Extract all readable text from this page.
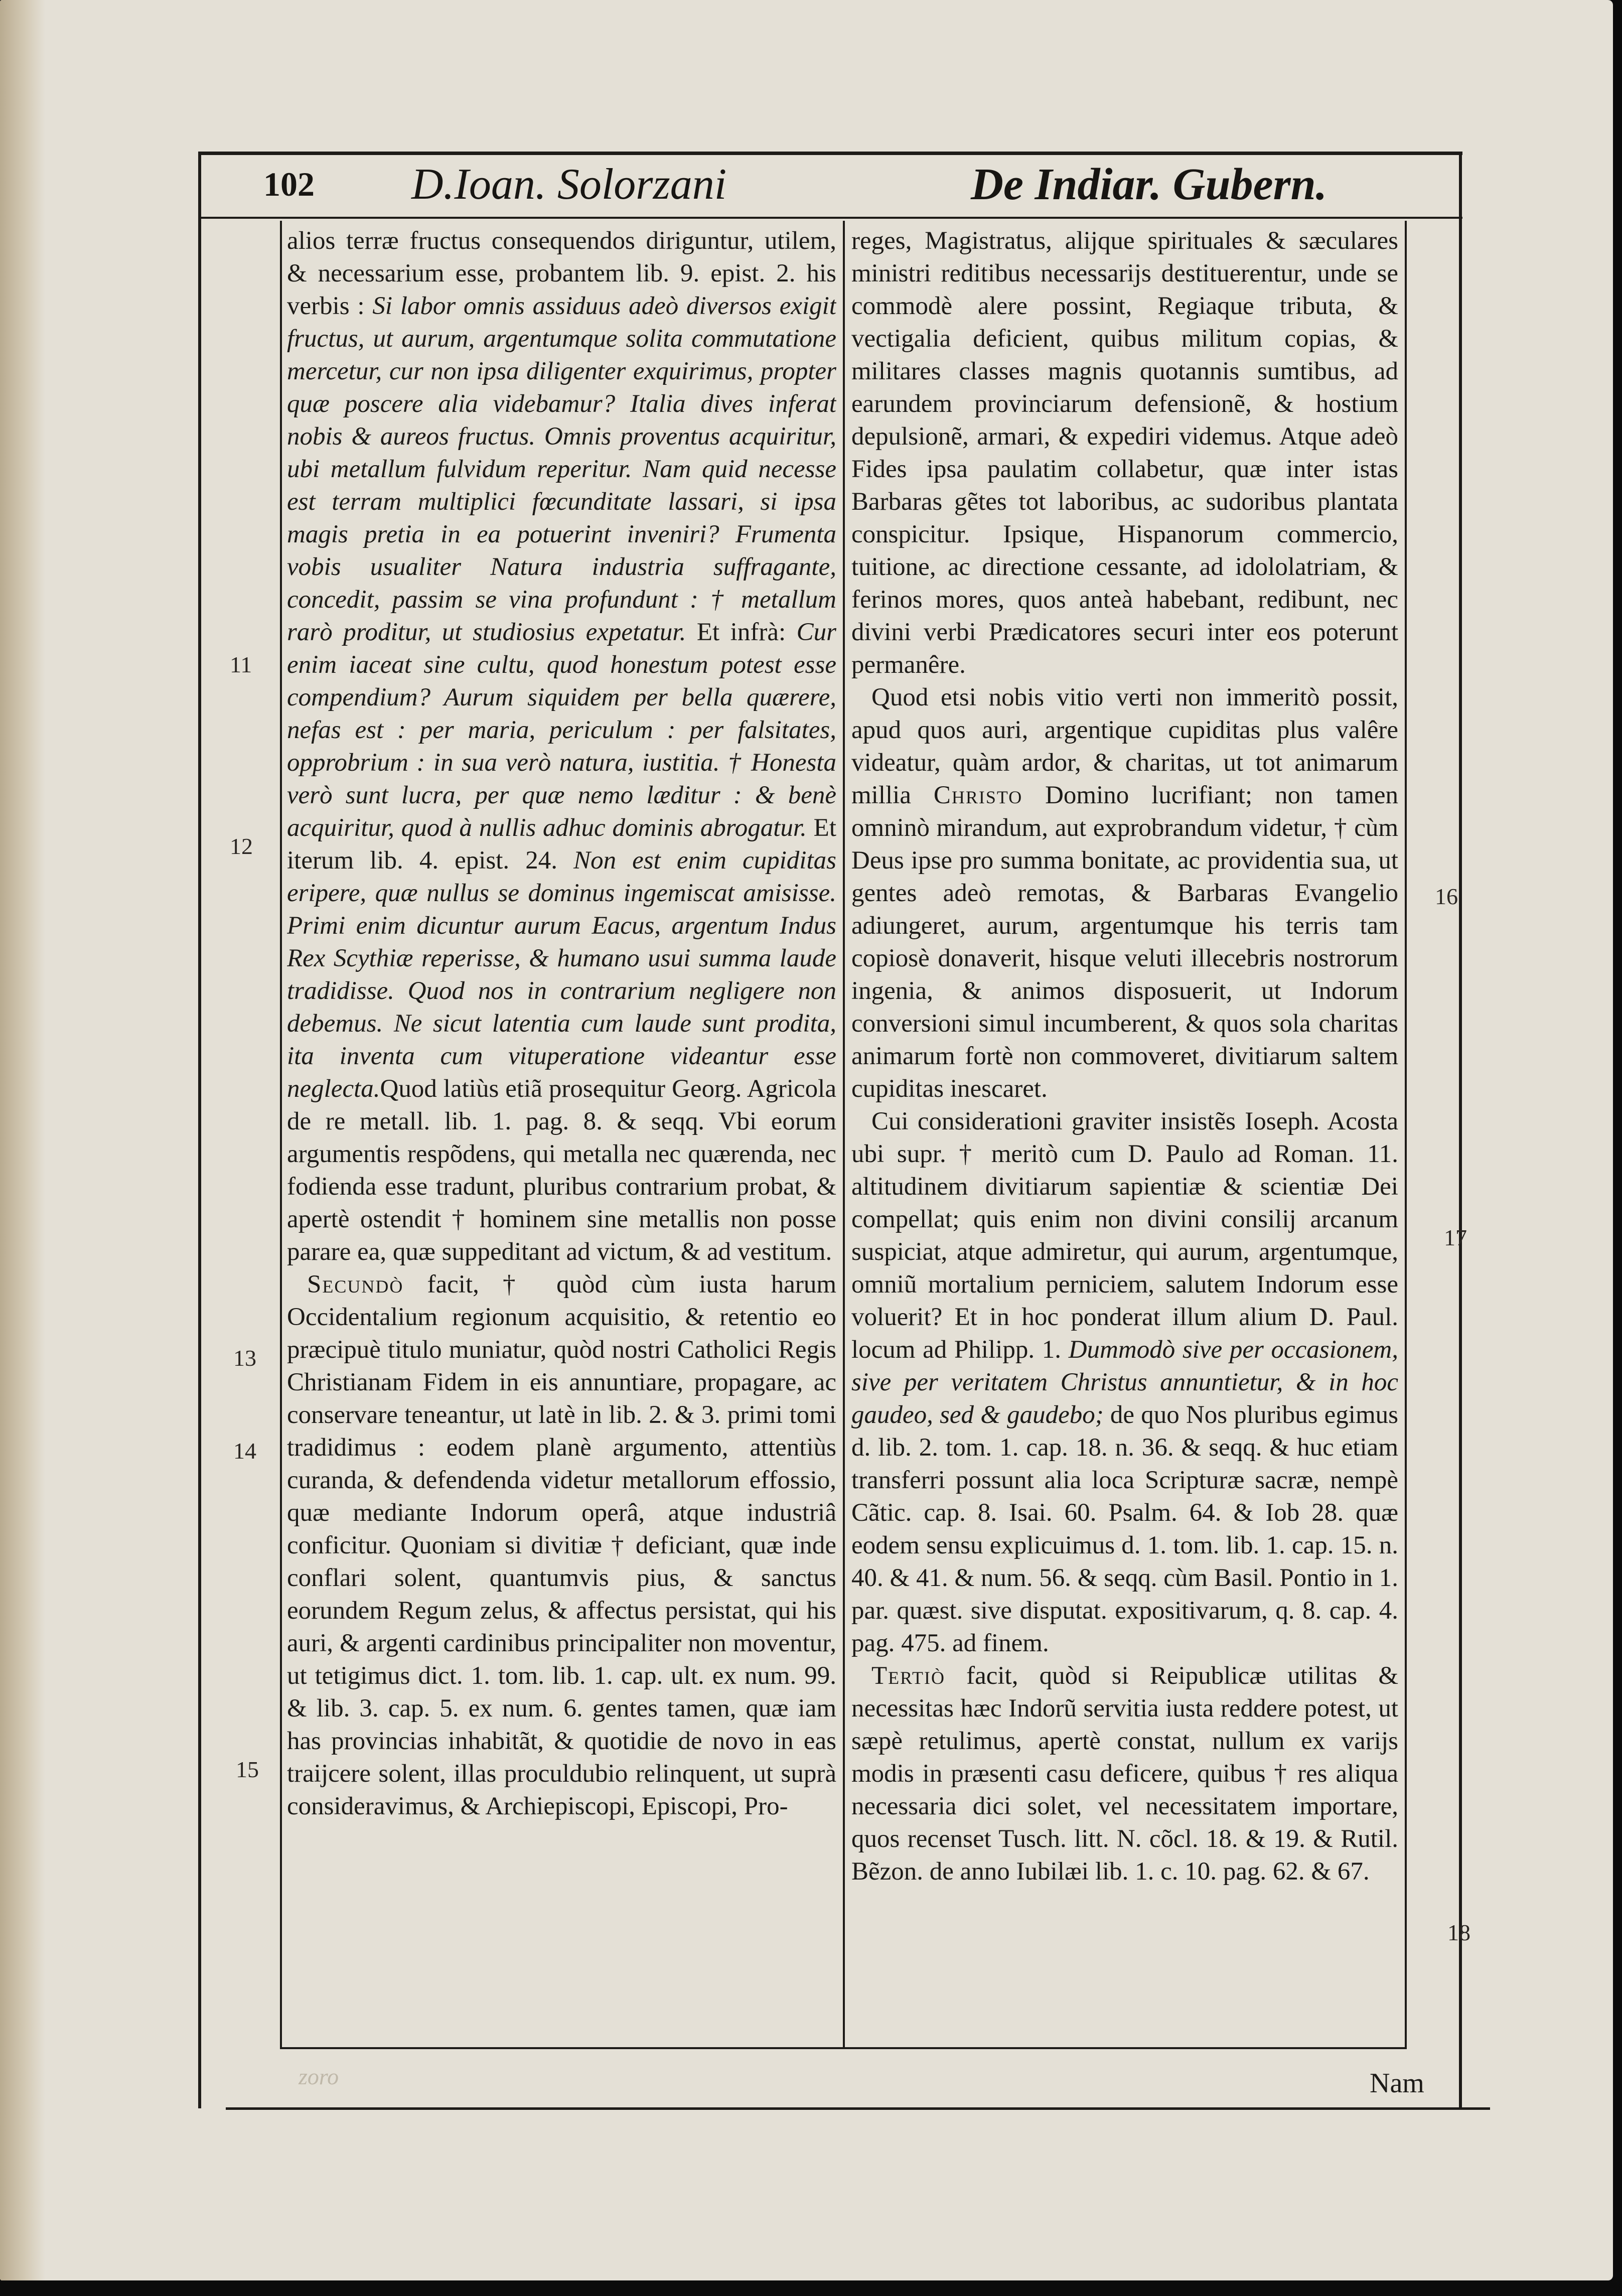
102 D.Ioan. Solorzani	De Indiar. Gubern.

alios terræ fructus consequendos diriguntur, utilem, & necessarium esse, probantem lib. 9. epist. 2. his verbis : Si labor omnis assiduus adeò diversos exigit fructus, ut aurum, argentumque solita commutatione mercetur, cur non ipsa diligenter exquirimus, propter quæ poscere alia videbamur? Italia dives inferat nobis & aureos fructus. Omnis proventus acquiritur, ubi metallum fulvidum reperitur. Nam quid necesse est terram multiplici fœcunditate lassari, si ipsa magis pretia in ea potuerint inveniri? Frumenta vobis usualiter Natura industria suffragante, concedit, passim se vina profundunt : † metallum rarò proditur, ut studiosius expetatur. Et infrà: Cur enim iaceat sine cultu, quod honestum potest esse compendium? Aurum siquidem per bella quærere, nefas est : per maria, periculum : per falsitates, opprobrium : in sua verò natura, iustitia. † Honesta verò sunt lucra, per quæ nemo læditur : & benè acquiritur, quod à nullis adhuc dominis abrogatur. Et iterum lib. 4. epist. 24. Non est enim cupiditas eripere, quæ nullus se dominus ingemiscat amisisse. Primi enim dicuntur aurum Eacus, argentum Indus Rex Scythiæ reperisse, & humano usui summa laude tradidisse. Quod nos in contrarium negligere non debemus. Ne sicut latentia cum laude sunt prodita, ita inventa cum vituperatione videantur esse neglecta.Quod latiùs etiã prosequitur Georg. Agricola de re metall. lib. 1. pag. 8. & seqq. Vbi eorum argumentis respõdens, qui metalla nec quærenda, nec fodienda esse tradunt, pluribus contrarium probat, & apertè ostendit † hominem sine metallis non posse parare ea, quæ suppeditant ad victum, & ad vestitum.

Secundò facit, † quòd cùm iusta harum Occidentalium regionum acquisitio, & retentio eo præcipuè titulo muniatur, quòd nostri Catholici Regis Christianam Fidem in eis annuntiare, propagare, ac conservare teneantur, ut latè in lib. 2. & 3. primi tomi tradidimus : eodem planè argumento, attentiùs curanda, & defendenda videtur metallorum effossio, quæ mediante Indorum operâ, atque industriâ conficitur. Quoniam si divitiæ † deficiant, quæ inde conflari solent, quantumvis pius, & sanctus eorundem Regum zelus, & affectus persistat, qui his auri, & argenti cardinibus principaliter non moventur, ut tetigimus dict. 1. tom. lib. 1. cap. ult. ex num. 99. & lib. 3. cap. 5. ex num. 6. gentes tamen, quæ iam has provincias inhabitãt, & quotidie de novo in eas traijcere solent, illas proculdubio relinquent, ut suprà consideravimus, & Archiepiscopi, Episcopi, Pro-

reges, Magistratus, alijque spirituales & sæculares ministri reditibus necessarijs destituerentur, unde se commodè alere possint, Regiaque tributa, & vectigalia deficient, quibus militum copias, & militares classes magnis quotannis sumtibus, ad earundem provinciarum defensionẽ, & hostium depulsionẽ, armari, & expediri videmus. Atque adeò Fides ipsa paulatim collabetur, quæ inter istas Barbaras gẽtes tot laboribus, ac sudoribus plantata conspicitur. Ipsique, Hispanorum commercio, tuitione, ac directione cessante, ad idololatriam, & ferinos mores, quos anteà habebant, redibunt, nec divini verbi Prædicatores securi inter eos poterunt permanêre.

Quod etsi nobis vitio verti non immeritò possit, apud quos auri, argentique cupiditas plus valêre videatur, quàm ardor, & charitas, ut tot animarum millia Christo Domino lucrifiant; non tamen omninò mirandum, aut exprobrandum videtur, † cùm Deus ipse pro summa bonitate, ac providentia sua, ut gentes adeò remotas, & Barbaras Evangelio adiungeret, aurum, argentumque his terris tam copiosè donaverit, hisque veluti illecebris nostrorum ingenia, & animos disposuerit, ut Indorum conversioni simul incumberent, & quos sola charitas animarum fortè non commoveret, divitiarum saltem cupiditas inescaret.

Cui considerationi graviter insistẽs Ioseph. Acosta ubi supr. † meritò cum D. Paulo ad Roman. 11. altitudinem divitiarum sapientiæ & scientiæ Dei compellat; quis enim non divini consilij arcanum suspiciat, atque admiretur, qui aurum, argentumque, omniũ mortalium perniciem, salutem Indorum esse voluerit? Et in hoc ponderat illum alium D. Paul. locum ad Philipp. 1. Dummodò sive per occasionem, sive per veritatem Christus annuntietur, & in hoc gaudeo, sed & gaudebo; de quo Nos pluribus egimus d. lib. 2. tom. 1. cap. 18. n. 36. & seqq. & huc etiam transferri possunt alia loca Scripturæ sacræ, nempè Cãtic. cap. 8. Isai. 60. Psalm. 64. & Iob 28. quæ eodem sensu explicuimus d. 1. tom. lib. 1. cap. 15. n. 40. & 41. & num. 56. & seqq. cùm Basil. Pontio in 1. par. quæst. sive disputat. expositivarum, q. 8. cap. 4. pag. 475. ad finem.

Tertiò facit, quòd si Reipublicæ utilitas & necessitas hæc Indorũ servitia iusta reddere potest, ut sæpè retulimus, apertè constat, nullum ex varijs modis in præsenti casu deficere, quibus † res aliqua necessaria dici solet, vel necessitatem importare, quos recenset Tusch. litt. N. cõcl. 18. & 19. & Rutil. Bẽzon. de anno Iubilæi lib. 1. c. 10. pag. 62. & 67.

11
12
13
14
15
16
17
18
zoro	Nam
